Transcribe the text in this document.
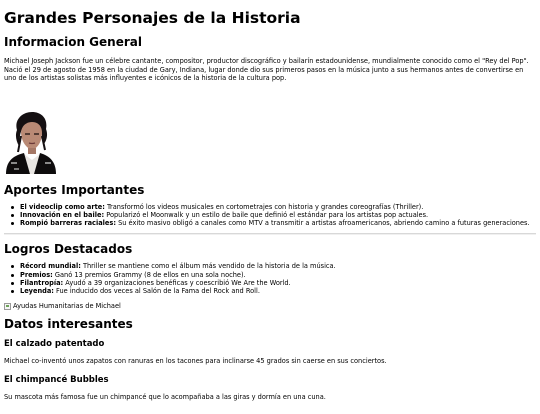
Grandes Personajes de la Historia
Informacion General

Michael Joseph Jackson fue un célebre cantante, compositor, productor discográfico y bailarín estadounidense, mundialmente conocido como el "Rey del Pop". Nació el 29 de agosto de 1958 en la ciudad de Gary, Indiana, lugar donde dio sus primeros pasos en la música junto a sus hermanos antes de convertirse en uno de los artistas solistas más influyentes e icónicos de la historia de la cultura pop.

Aportes Importantes
El videoclip como arte: Transformó los videos musicales en cortometrajes con historia y grandes coreografías (Thriller).
Innovación en el baile: Popularizó el Moonwalk y un estilo de baile que definió el estándar para los artistas pop actuales.
Rompió barreras raciales: Su éxito masivo obligó a canales como MTV a transmitir a artistas afroamericanos, abriendo camino a futuras generaciones.
Logros Destacados
Récord mundial: Thriller se mantiene como el álbum más vendido de la historia de la música.
Premios: Ganó 13 premios Grammy (8 de ellos en una sola noche).
Filantropía: Ayudó a 39 organizaciones benéficas y coescribió We Are the World.
Leyenda: Fue inducido dos veces al Salón de la Fama del Rock and Roll.
Ayudas Humanitarias de Michael
Datos interesantes
El calzado patentado

Michael co-inventó unos zapatos con ranuras en los tacones para inclinarse 45 grados sin caerse en sus conciertos.

El chimpancé Bubbles

Su mascota más famosa fue un chimpancé que lo acompañaba a las giras y dormía en una cuna.
